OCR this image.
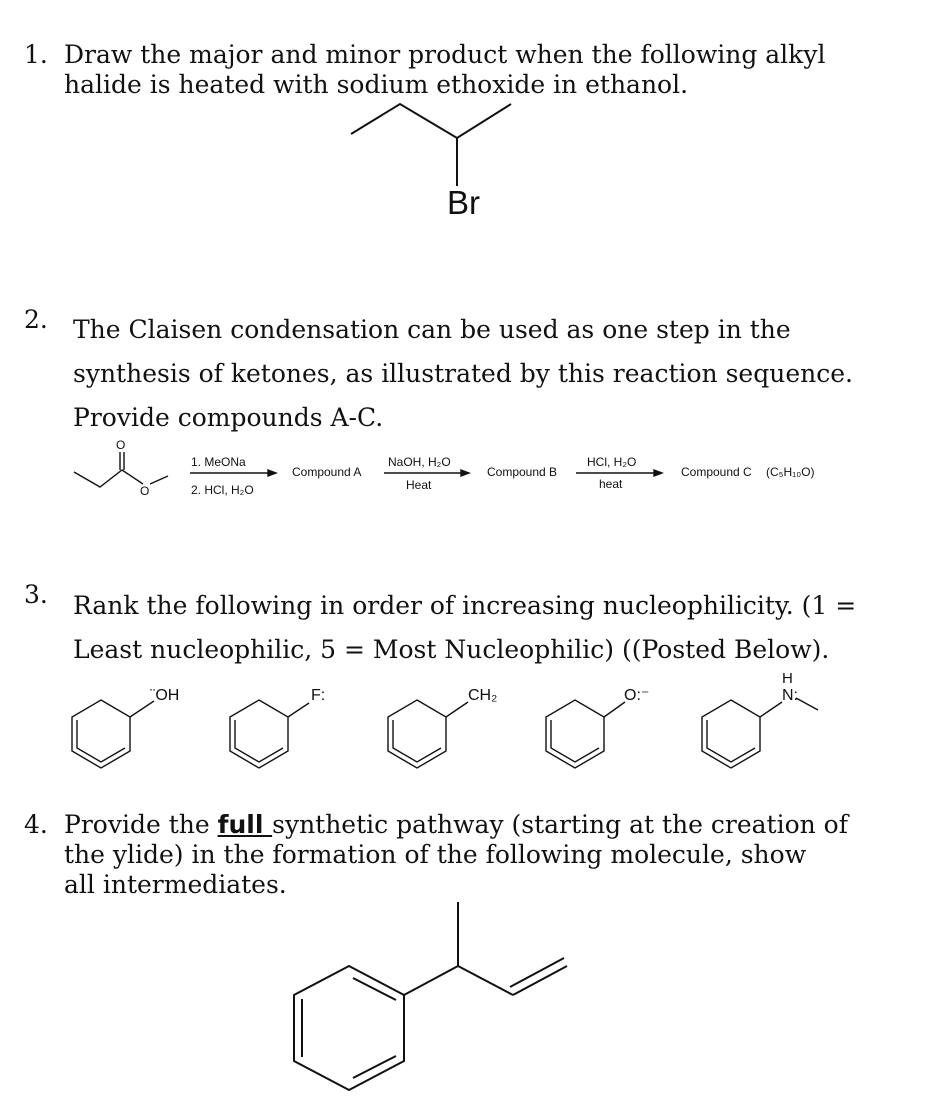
1. Draw the major and minor product when the following alkyl
halide is heated with sodium ethoxide in ethanol.
Br
2. The Claisen condensation can be used as one step in the
synthesis of ketones, as illustrated by this reaction sequence.
Provide compounds A-C.
O
O
1. MeONa
2. HCl, H₂O
Compound A
NaOH, H₂O
Heat
Compound B
HCl, H₂O
heat
Compound C (C₅H₁₀O)
3. Rank the following in order of increasing nucleophilicity. (1 =
Least nucleophilic, 5 = Most Nucleophilic) ((Posted Below).
¨OH	F:	CH₂	O:⁻
H
N:
4. Provide the full synthetic pathway (starting at the creation of
the ylide) in the formation of the following molecule, show
all intermediates.
